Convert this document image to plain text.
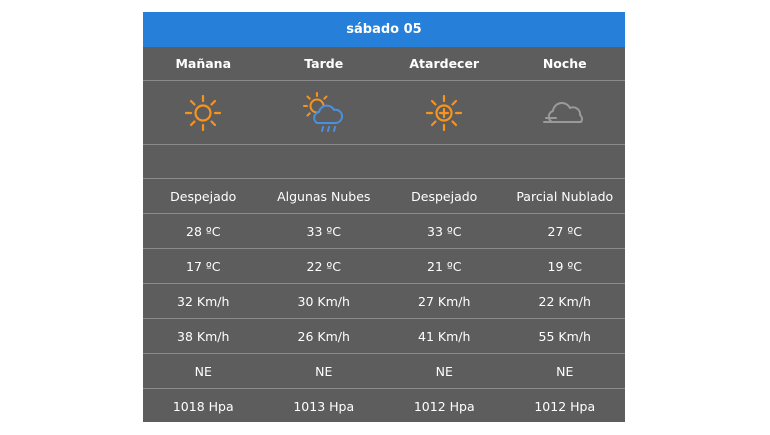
sábado 05
Mañana	Tarde	Atardecer	Noche
Despejado	Algunas Nubes	Despejado	Parcial Nublado
28 ºC	33 ºC	33 ºC	27 ºC
17 ºC	22 ºC	21 ºC	19 ºC
32 Km/h	30 Km/h	27 Km/h	22 Km/h
38 Km/h	26 Km/h	41 Km/h	55 Km/h
NE	NE	NE	NE
1018 Hpa	1013 Hpa	1012 Hpa	1012 Hpa
